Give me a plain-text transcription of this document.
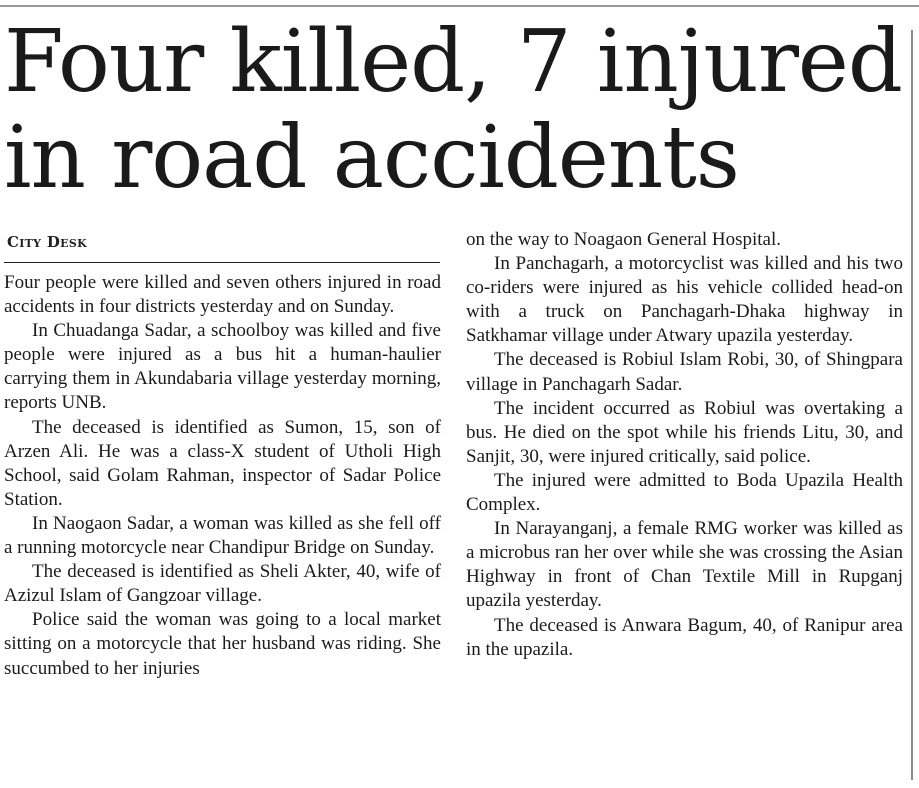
Four killed, 7 injured in road accidents
City Desk

Four people were killed and seven others injured in road accidents in four districts yesterday and on Sunday.

In Chuadanga Sadar, a schoolboy was killed and five people were injured as a bus hit a human-haulier carrying them in Akundabaria village yesterday morning, reports UNB.

The deceased is identified as Sumon, 15, son of Arzen Ali. He was a class-X student of Utholi High School, said Golam Rahman, inspector of Sadar Police Station.

In Naogaon Sadar, a woman was killed as she fell off a running motorcycle near Chandipur Bridge on Sunday.

The deceased is identified as Sheli Akter, 40, wife of Azizul Islam of Gangzoar village.

Police said the woman was going to a local market sitting on a motorcycle that her husband was riding. She succumbed to her injuries

on the way to Noagaon General Hospital.

In Panchagarh, a motorcyclist was killed and his two co-riders were injured as his vehicle collided head-on with a truck on Panchagarh-Dhaka highway in Satkhamar village under Atwary upazila yesterday.

The deceased is Robiul Islam Robi, 30, of Shingpara village in Panchagarh Sadar.

The incident occurred as Robiul was overtaking a bus. He died on the spot while his friends Litu, 30, and Sanjit, 30, were injured critically, said police.

The injured were admitted to Boda Upazila Health Complex.

In Narayanganj, a female RMG worker was killed as a microbus ran her over while she was crossing the Asian Highway in front of Chan Textile Mill in Rupganj upazila yesterday.

The deceased is Anwara Bagum, 40, of Ranipur area in the upazila.
